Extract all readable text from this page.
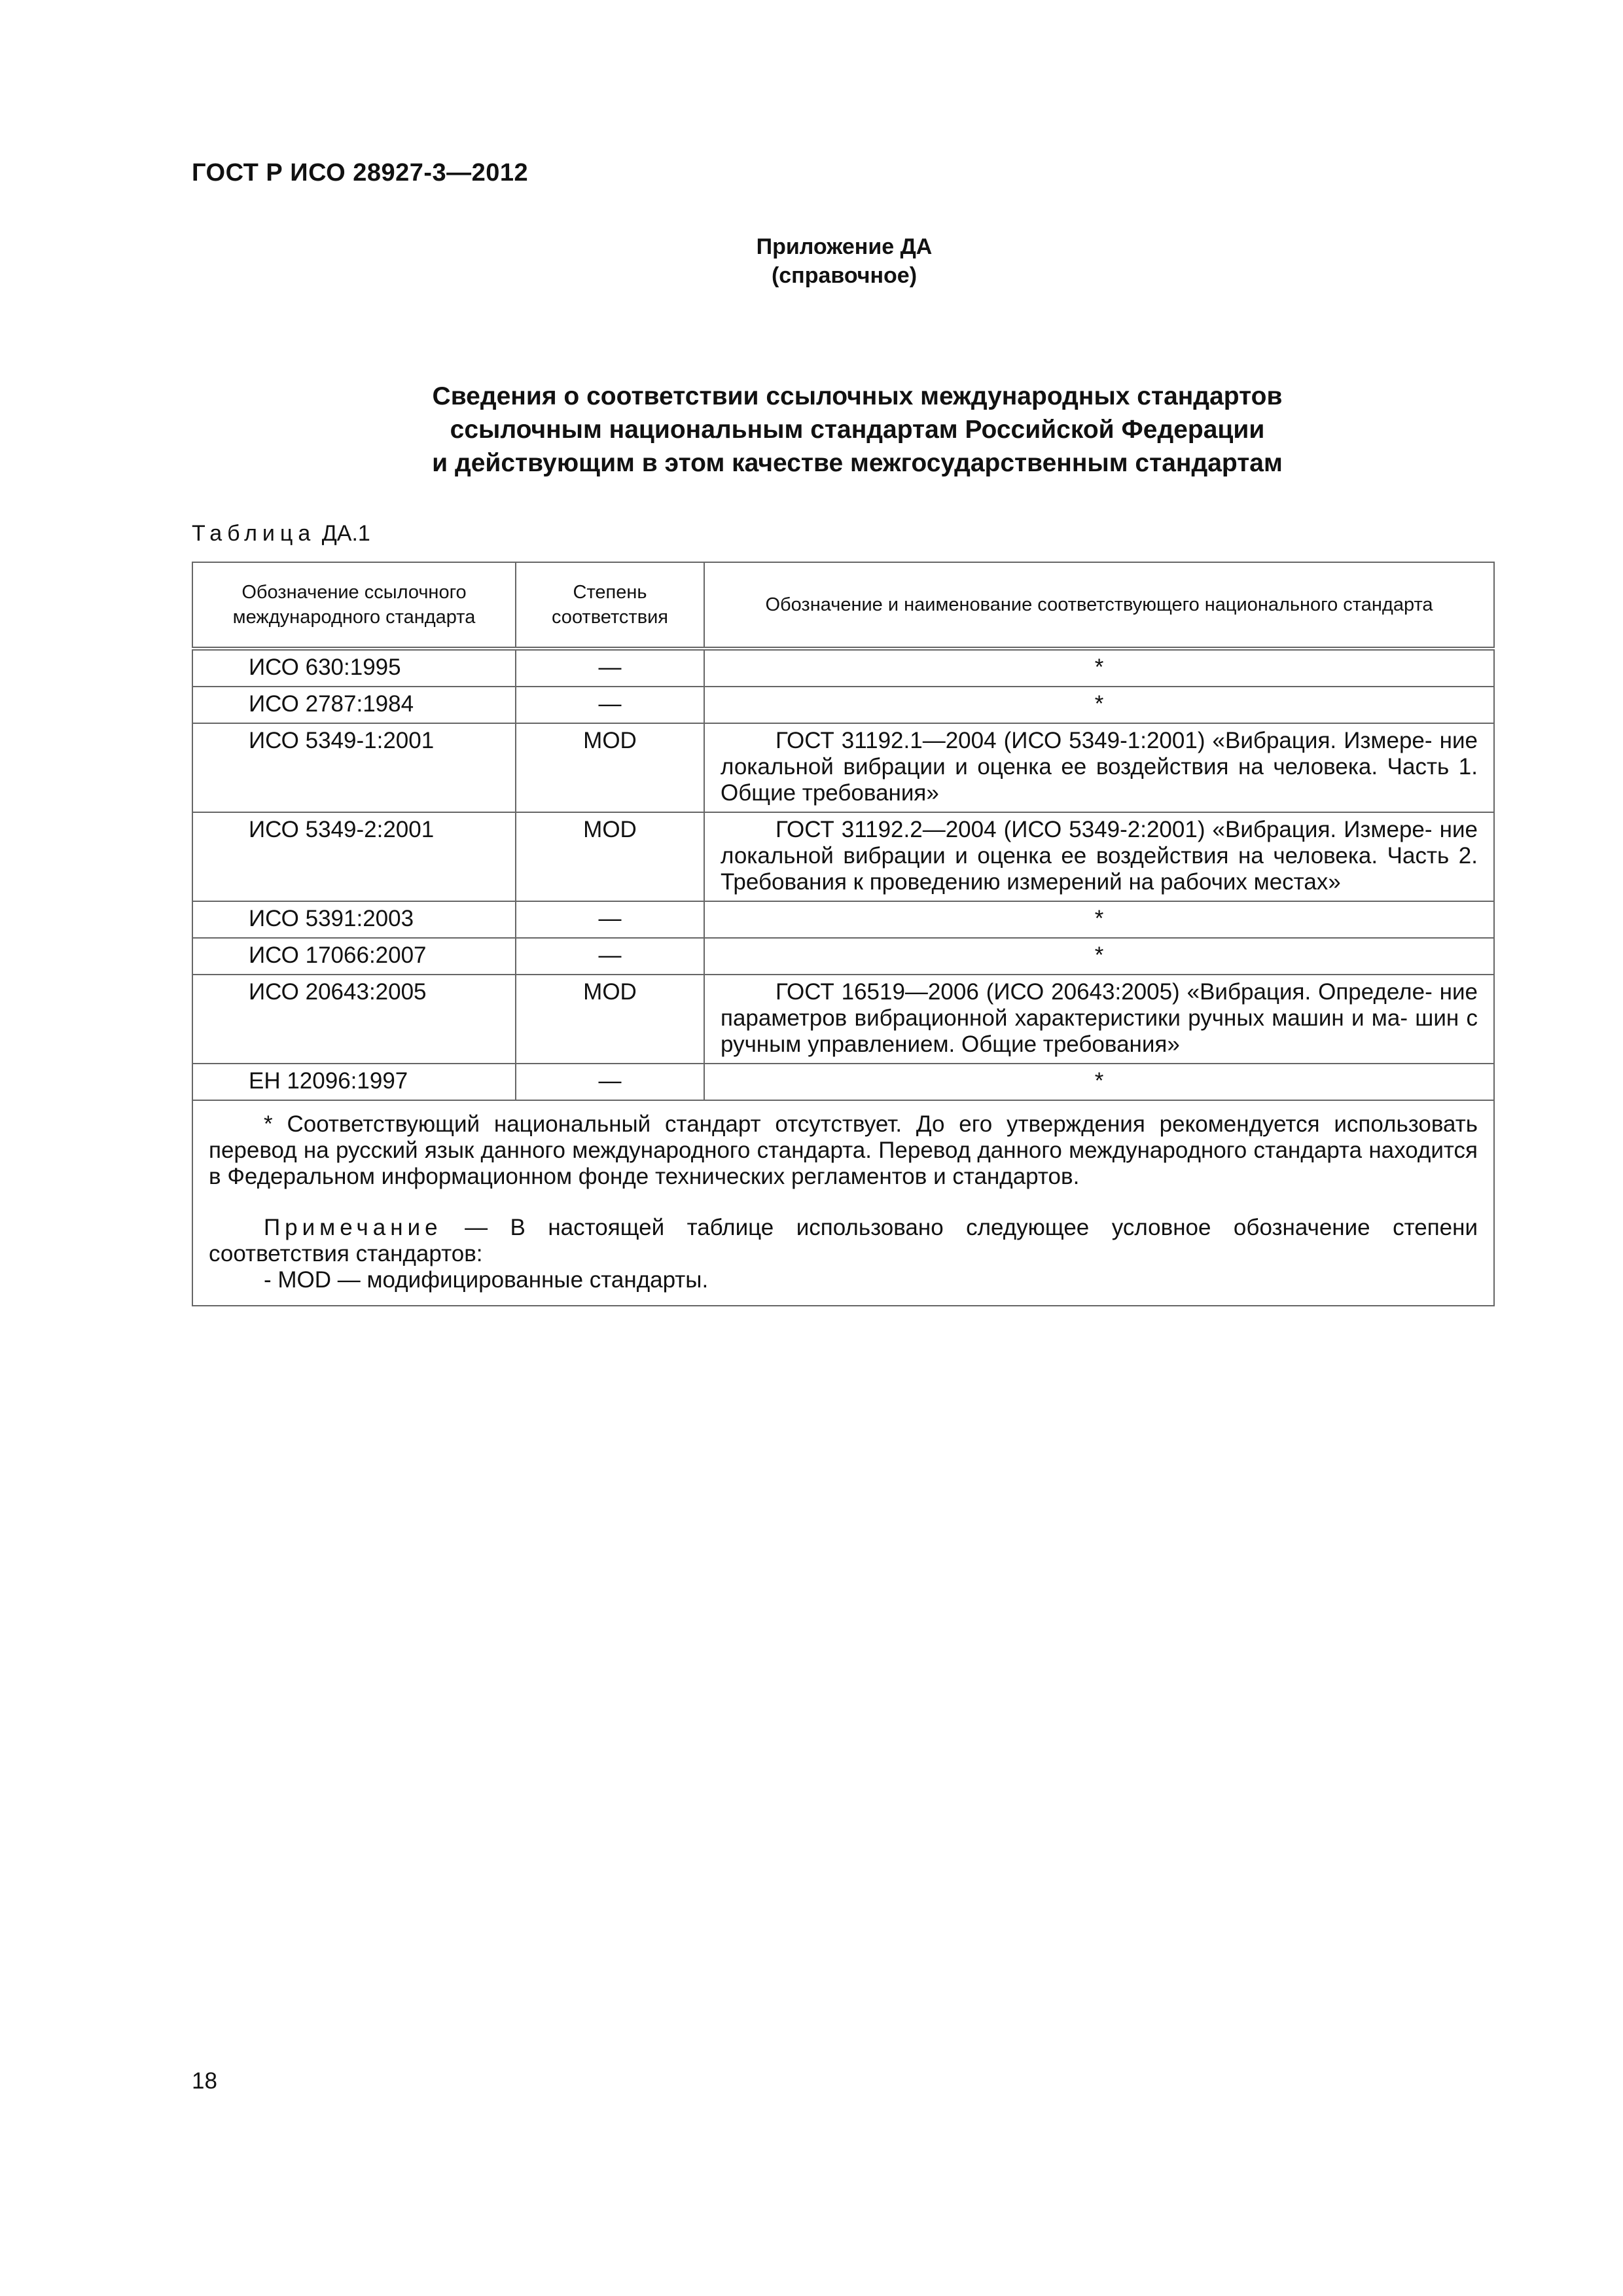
ГОСТ Р ИСО 28927-3—2012
Приложение ДА
(справочное)
Сведения о соответствии ссылочных международных стандартов
ссылочным национальным стандартам Российской Федерации
и действующим в этом качестве межгосударственным стандартам
Таблица ДА.1
Обозначение ссылочного международного стандарта	Степень соответствия	Обозначение и наименование соответствующего национального стандарта
ИСО 630:1995	—	*
ИСО 2787:1984	—	*
ИСО 5349-1:2001	MOD	ГОСТ 31192.1—2004 (ИСО 5349-1:2001) «Вибрация. Измере- ние локальной вибрации и оценка ее воздействия на человека. Часть 1. Общие требования»

ИСО 5349-2:2001	MOD	ГОСТ 31192.2—2004 (ИСО 5349-2:2001) «Вибрация. Измере- ние локальной вибрации и оценка ее воздействия на человека. Часть 2. Требования к проведению измерений на рабочих местах»

ИСО 5391:2003	—	*
ИСО 17066:2007	—	*
ИСО 20643:2005	MOD	ГОСТ 16519—2006 (ИСО 20643:2005) «Вибрация. Определе- ние параметров вибрационной характеристики ручных машин и ма- шин с ручным управлением. Общие требования»

ЕН 12096:1997	—	*

* Соответствующий национальный стандарт отсутствует. До его утверждения рекомендуется использовать перевод на русский язык данного международного стандарта. Перевод данного международного стандарта находится в Федеральном информационном фонде технических регламентов и стандартов.

Примечание — В настоящей таблице использовано следующее условное обозначение степени соответствия стандартов:

- MOD — модифицированные стандарты.		

18
